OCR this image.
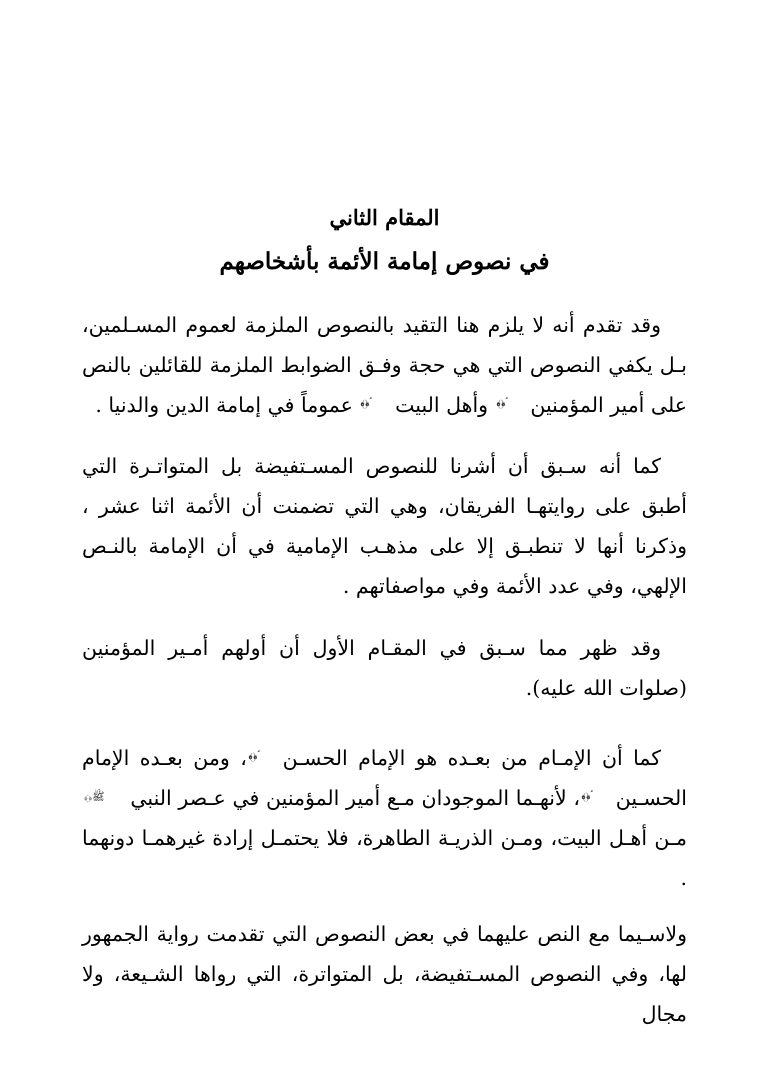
المقام الثاني
في نصوص إمامة الأئمة بأشخاصهم

وقد تقدم أنه لا يلزم هنا التقيد بالنصوص الملزمة لعموم المسـلمين، بـل يكفي النصوص التي هي حجة وفـق الضوابط الملزمة للقائلين بالنص على أمير المؤمنينؑ﴿﴾ وأهل البيتؑ﴿﴾ عموماً في إمامة الدين والدنيا .

كما أنه سـبق أن أشرنا للنصوص المسـتفيضة بل المتواتـرة التي أطبق على روايتهـا الفريقان، وهي التي تضمنت أن الأئمة اثنا عشر ، وذكرنا أنها لا تنطبـق إلا على مذهـب الإمامية في أن الإمامة بالنـص الإلهي، وفي عدد الأئمة وفي مواصفاتهم .

وقد ظهر مما سـبق في المقـام الأول أن أولهم أمـير المؤمنين (صلوات الله عليه).

كما أن الإمـام من بعـده هو الإمام الحسـنؑ﴿﴾، ومن بعـده الإمام الحسـينؑ﴿﴾، لأنهـما الموجودان مـع أمير المؤمنين في عـصر النبيﷺ﴿﴾ مـن أهـل البيت، ومـن الذريـة الطاهرة، فلا يحتمـل إرادة غيرهمـا دونهما .

ولاسـيما مع النص عليهما في بعض النصوص التي تقدمت رواية الجمهور لها، وفي النصوص المسـتفيضة، بل المتواترة، التي رواها الشـيعة، ولا مجال
